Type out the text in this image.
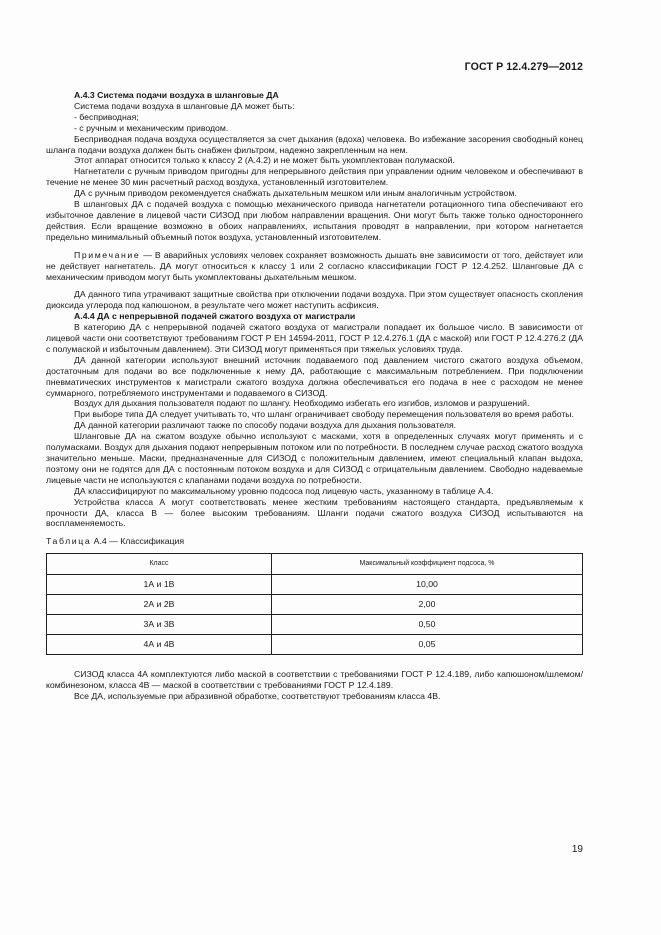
ГОСТ Р 12.4.279—2012

А.4.3 Система подачи воздуха в шланговые ДА

Система подачи воздуха в шланговые ДА может быть:

- бесприводная;

- с ручным и механическим приводом.

Бесприводная подача воздуха осуществляется за счет дыхания (вдоха) человека. Во избежание засорения свободный конец шланга подачи воздуха должен быть снабжен фильтром, надежно закрепленным на нем.

Этот аппарат относится только к классу 2 (А.4.2) и не может быть укомплектован полумаской.

Нагнетатели с ручным приводом пригодны для непрерывного действия при управлении одним человеком и обеспечивают в течение не менее 30 мин расчетный расход воздуха, установленный изготовителем.

ДА с ручным приводом рекомендуется снабжать дыхательным мешком или иным аналогичным устройством.

В шланговых ДА с подачей воздуха с помощью механического привода нагнетатели ротационного типа обеспечивают его избыточное давление в лицевой части СИЗОД при любом направлении вращения. Они могут быть также только одностороннего действия. Если вращение возможно в обоих направлениях, испытания проводят в направлении, при котором нагнетается предельно минимальный объемный поток воздуха, установленный изготовителем.

Примечание — В аварийных условиях человек сохраняет возможность дышать вне зависимости от того, действует или не действует нагнетатель. ДА могут относиться к классу 1 или 2 согласно классификации ГОСТ Р 12.4.252. Шланговые ДА с механическим приводом могут быть укомплектованы дыхательным мешком.

ДА данного типа утрачивают защитные свойства при отключении подачи воздуха. При этом существует опасность скопления диоксида углерода под капюшоном, в результате чего может наступить асфиксия.

А.4.4 ДА с непрерывной подачей сжатого воздуха от магистрали

В категорию ДА с непрерывной подачей сжатого воздуха от магистрали попадает их большое число. В зависимости от лицевой части они соответствуют требованиям ГОСТ Р ЕН 14594-2011, ГОСТ Р 12.4.276.1 (ДА с маской) или ГОСТ Р 12.4.276.2 (ДА с полумаской и избыточным давлением). Эти СИЗОД могут применяться при тяжелых условиях труда.

ДА данной категории используют внешний источник подаваемого под давлением чистого сжатого воздуха объемом, достаточным для подачи во все подключенные к нему ДА, работающие с максимальным потреблением. При подключении пневматических инструментов к магистрали сжатого воздуха должна обеспечиваться его подача в нее с расходом не менее суммарного, потребляемого инструментами и подаваемого в СИЗОД.

Воздух для дыхания пользователя подают по шлангу. Необходимо избегать его изгибов, изломов и разрушений.

При выборе типа ДА следует учитывать то, что шланг ограничивает свободу перемещения пользователя во время работы.

ДА данной категории различают также по способу подачи воздуха для дыхания пользователя.

Шланговые ДА на сжатом воздухе обычно используют с масками, хотя в определенных случаях могут применять и с полумасками. Воздух для дыхания подают непрерывным потоком или по потребности. В последнем случае расход сжатого воздуха значительно меньше. Маски, предназначенные для СИЗОД с положительным давлением, имеют специальный клапан выдоха, поэтому они не годятся для ДА с постоянным потоком воздуха и для СИЗОД с отрицательным давлением. Свободно надеваемые лицевые части не используются с клапанами подачи воздуха по потребности.

ДА классифицируют по максимальному уровню подсоса под лицевую часть, указанному в таблице А.4.

Устройства класса А могут соответствовать менее жестким требованиям настоящего стандарта, предъявляемым к прочности ДА, класса В — более высоким требованиям. Шланги подачи сжатого воздуха СИЗОД испытываются на воспламеняемость.

Таблица А.4 — Классификация
Класс	Максимальный коэффициент подсоса, %
1А и 1В	10,00
2А и 2В	2,00
3А и 3В	0,50
4А и 4В	0,05

СИЗОД класса 4А комплектуются либо маской в соответствии с требованиями ГОСТ Р 12.4.189, либо капюшоном/шлемом/комбинезоном, класса 4В — маской в соответствии с требованиями ГОСТ Р 12.4.189.

Все ДА, используемые при абразивной обработке, соответствуют требованиям класса 4В.

19
